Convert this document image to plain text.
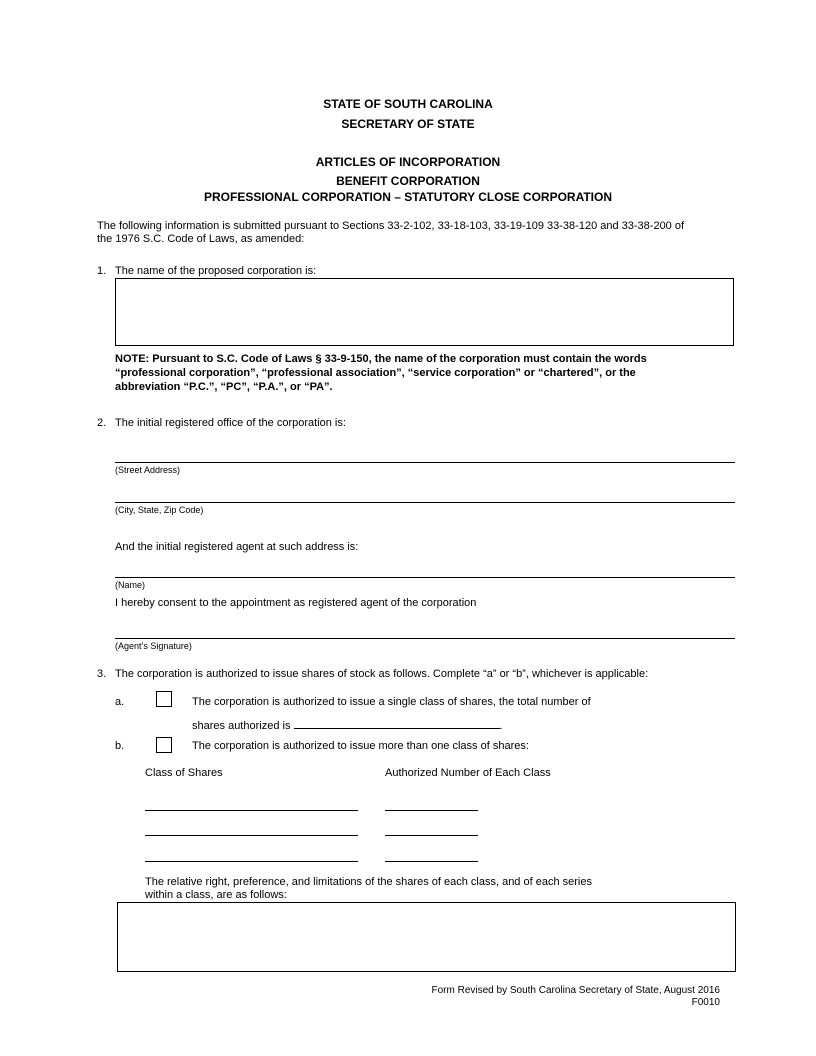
STATE OF SOUTH CAROLINA
SECRETARY OF STATE
ARTICLES OF INCORPORATION
BENEFIT CORPORATION
PROFESSIONAL CORPORATION – STATUTORY CLOSE CORPORATION
The following information is submitted pursuant to Sections 33-2-102, 33-18-103, 33-19-109 33-38-120 and 33-38-200 of
the 1976 S.C. Code of Laws, as amended:
1. The name of the proposed corporation is:
NOTE: Pursuant to S.C. Code of Laws § 33-9-150, the name of the corporation must contain the words
“professional corporation”, “professional association”, “service corporation” or “chartered”, or the
abbreviation “P.C.”, “PC”, “P.A.”, or “PA”.
2. The initial registered office of the corporation is:
(Street Address)
(City, State, Zip Code)
And the initial registered agent at such address is:
(Name)
I hereby consent to the appointment as registered agent of the corporation
(Agent’s Signature)
3. The corporation is authorized to issue shares of stock as follows. Complete “a” or “b”, whichever is applicable:
a.	The corporation is authorized to issue a single class of shares, the total number of
shares authorized is	.
b.	The corporation is authorized to issue more than one class of shares:
Class of Shares	Authorized Number of Each Class
The relative right, preference, and limitations of the shares of each class, and of each series
within a class, are as follows:
Form Revised by South Carolina Secretary of State, August 2016
F0010
